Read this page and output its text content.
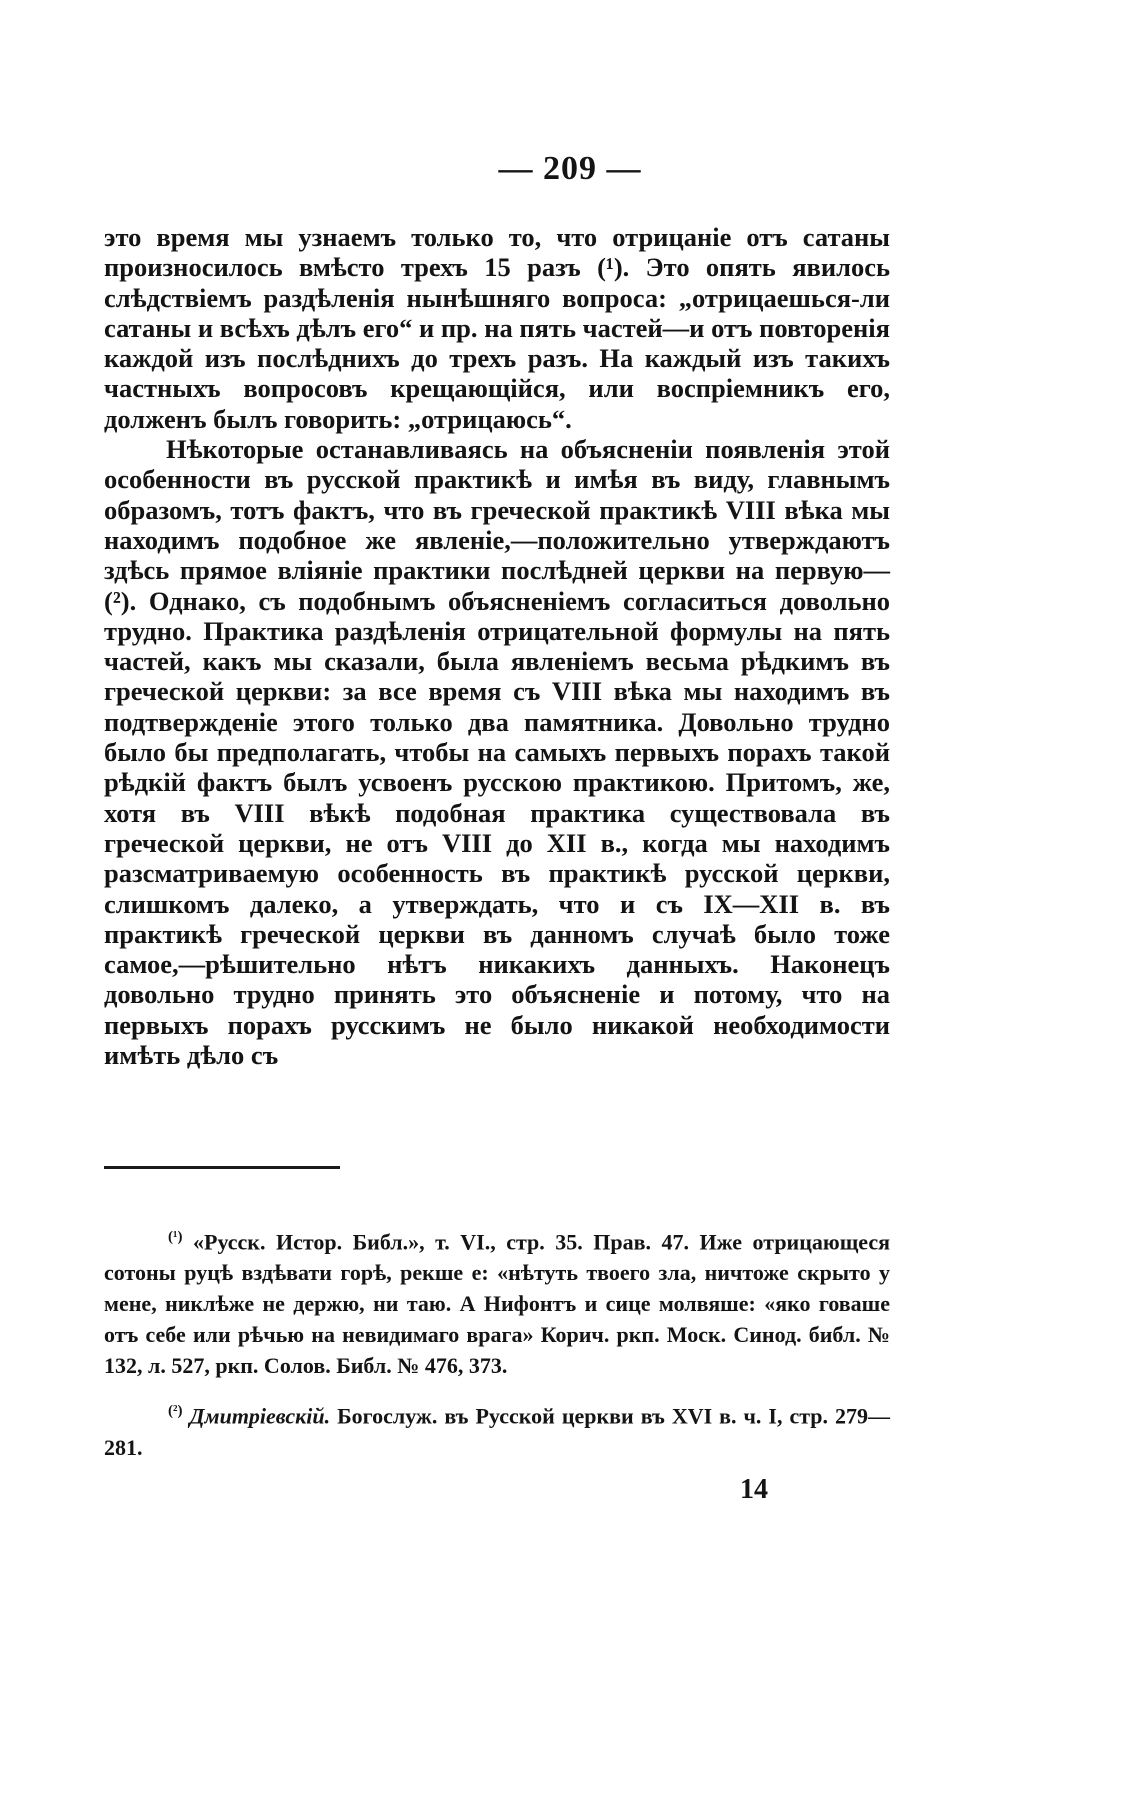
— 209 —

это время мы узнаемъ только то, что отрицаніе отъ сатаны произносилось вмѣсто трехъ 15 разъ (¹). Это опять явилось слѣдствіемъ раздѣленія нынѣшняго вопроса: „отрицаешься-ли сатаны и всѣхъ дѣлъ его“ и пр. на пять частей—и отъ повторенія каждой изъ послѣднихъ до трехъ разъ. На каждый изъ такихъ частныхъ вопросовъ крещающійся, или воспріемникъ его, долженъ былъ говорить: „отрицаюсь“.

Нѣкоторые останавливаясь на объясненіи появленія этой особенности въ русской практикѣ и имѣя въ виду, главнымъ образомъ, тотъ фактъ, что въ греческой практикѣ VIII вѣка мы находимъ подобное же явленіе,—положительно утверждаютъ здѣсь прямое вліяніе практики послѣдней церкви на первую—(²). Однако, съ подобнымъ объясненіемъ согласиться довольно трудно. Практика раздѣленія отрицательной формулы на пять частей, какъ мы сказали, была явленіемъ весьма рѣдкимъ въ греческой церкви: за все время съ VIII вѣка мы находимъ въ подтвержденіе этого только два памятника. Довольно трудно было бы предполагать, чтобы на самыхъ первыхъ порахъ такой рѣдкій фактъ былъ усвоенъ русскою практикою. Притомъ, же, хотя въ VIII вѣкѣ подобная практика существовала въ греческой церкви, не отъ VIII до XII в., когда мы находимъ разсматриваемую особенность въ практикѣ русской церкви, слишкомъ далеко, а утверждать, что и съ IX—XII в. въ практикѣ греческой церкви въ данномъ случаѣ было тоже самое,—рѣшительно нѣтъ никакихъ данныхъ. Наконецъ довольно трудно принять это объясненіе и потому, что на первыхъ порахъ русскимъ не было никакой необходимости имѣть дѣло съ

$^{(^1)}$ «Русск. Истор. Библ.», т. VI., стр. 35. Прав. 47. Иже отрицающеся сотоны руцѣ вздѣвати горѣ, рекше е: «нѣтуть твоего зла, ничтоже скрыто у мене, никлѣже не держю, ни таю. А Нифонтъ и сице молвяше: «яко говаше отъ себе или рѣчью на невидимаго врага» Корич. ркп. Моск. Синод. библ. № 132, л. 527, ркп. Солов. Библ. № 476, 373.

$^{(^2)}$ Дмитріевскій. Богослуж. въ Русской церкви въ XVI в. ч. I, стр. 279—281.

14
